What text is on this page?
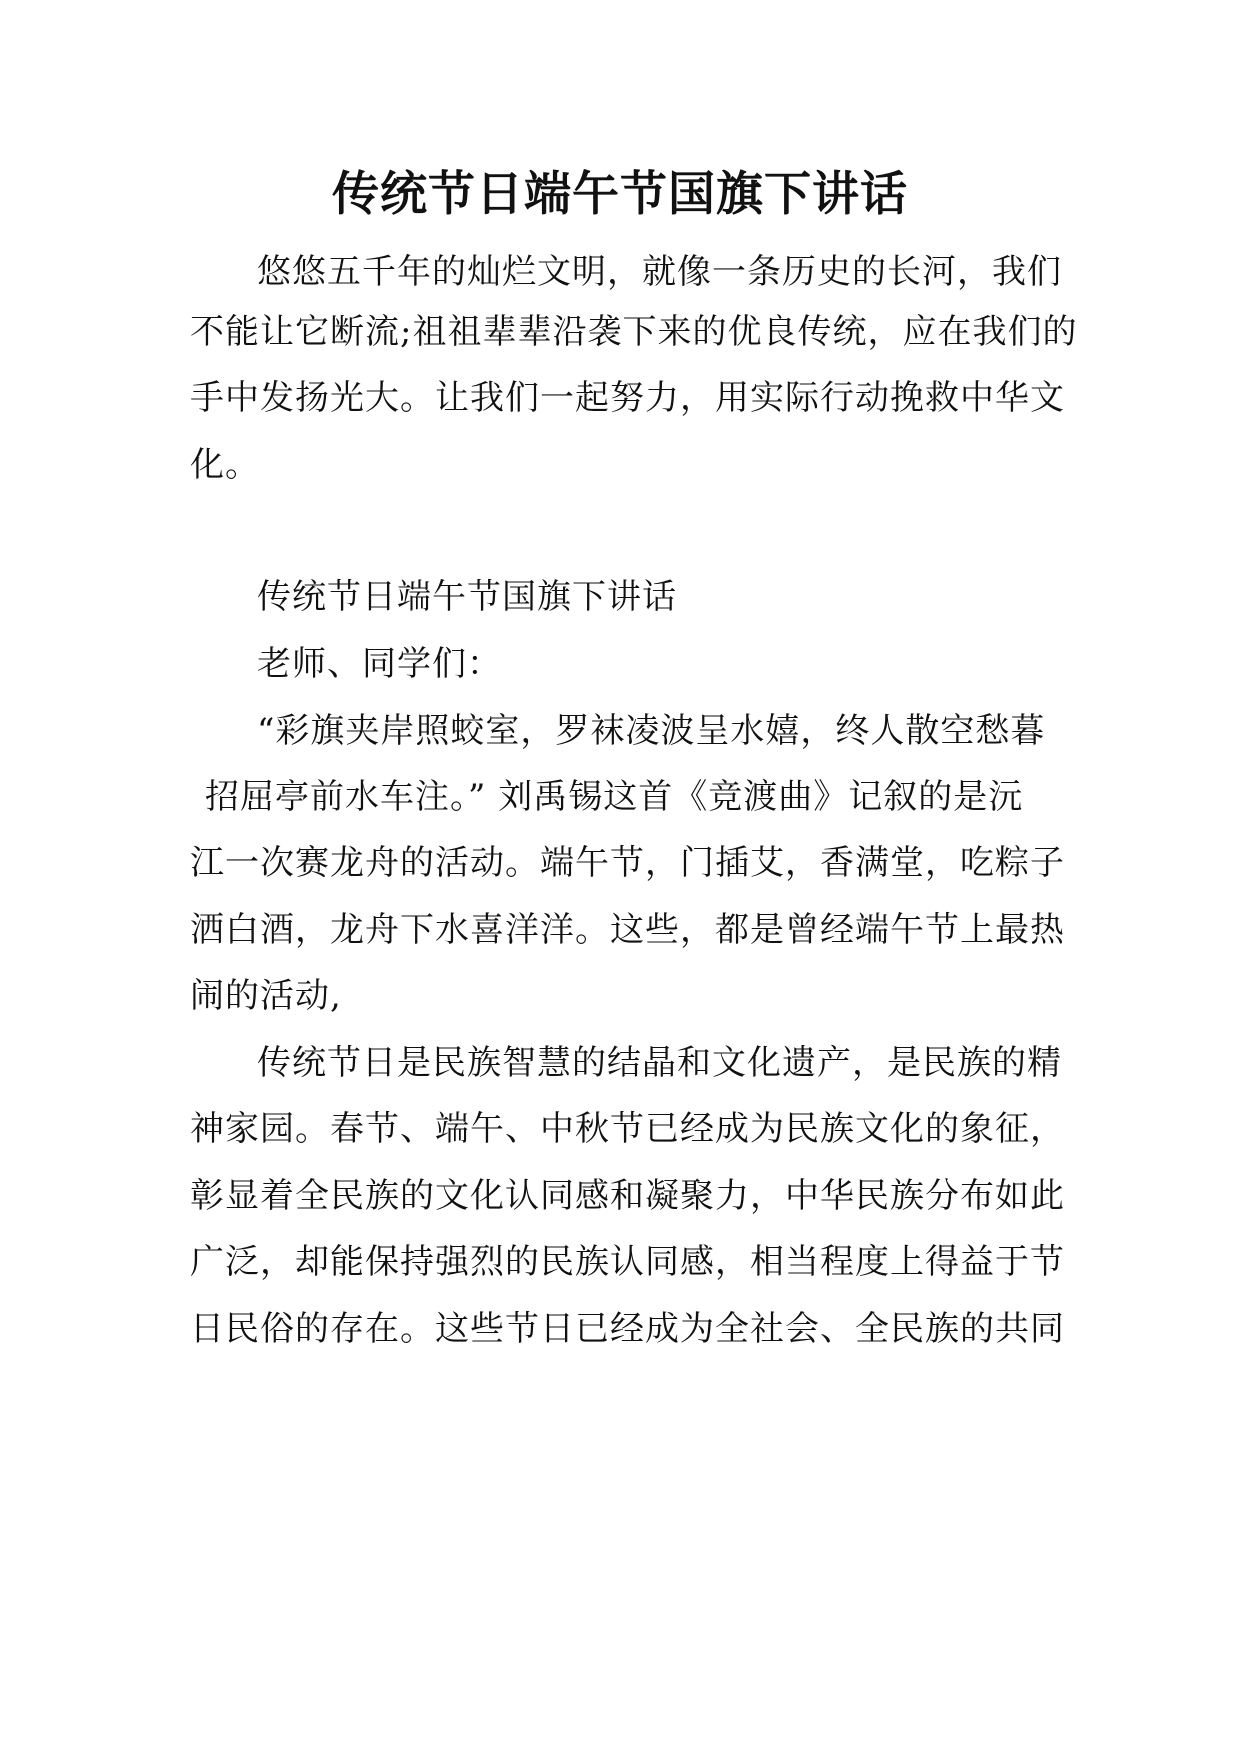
传统节日端午节国旗下讲话

悠悠五千年的灿烂文明，就像一条历史的长河，我们

不能让它断流;祖祖辈辈沿袭下来的优良传统，应在我们的

手中发扬光大。让我们一起努力，用实际行动挽救中华文

化。

传统节日端午节国旗下讲话

老师、同学们：

“彩旗夹岸照蛟室，罗袜凌波呈水嬉，终人散空愁暮

招屈亭前水车注。” 刘禹锡这首《竞渡曲》记叙的是沅

江一次赛龙舟的活动。端午节，门插艾，香满堂，吃粽子

洒白酒，龙舟下水喜洋洋。这些，都是曾经端午节上最热

闹的活动,

传统节日是民族智慧的结晶和文化遗产，是民族的精

神家园。春节、端午、中秋节已经成为民族文化的象征，

彰显着全民族的文化认同感和凝聚力，中华民族分布如此

广泛，却能保持强烈的民族认同感，相当程度上得益于节

日民俗的存在。这些节日已经成为全社会、全民族的共同
